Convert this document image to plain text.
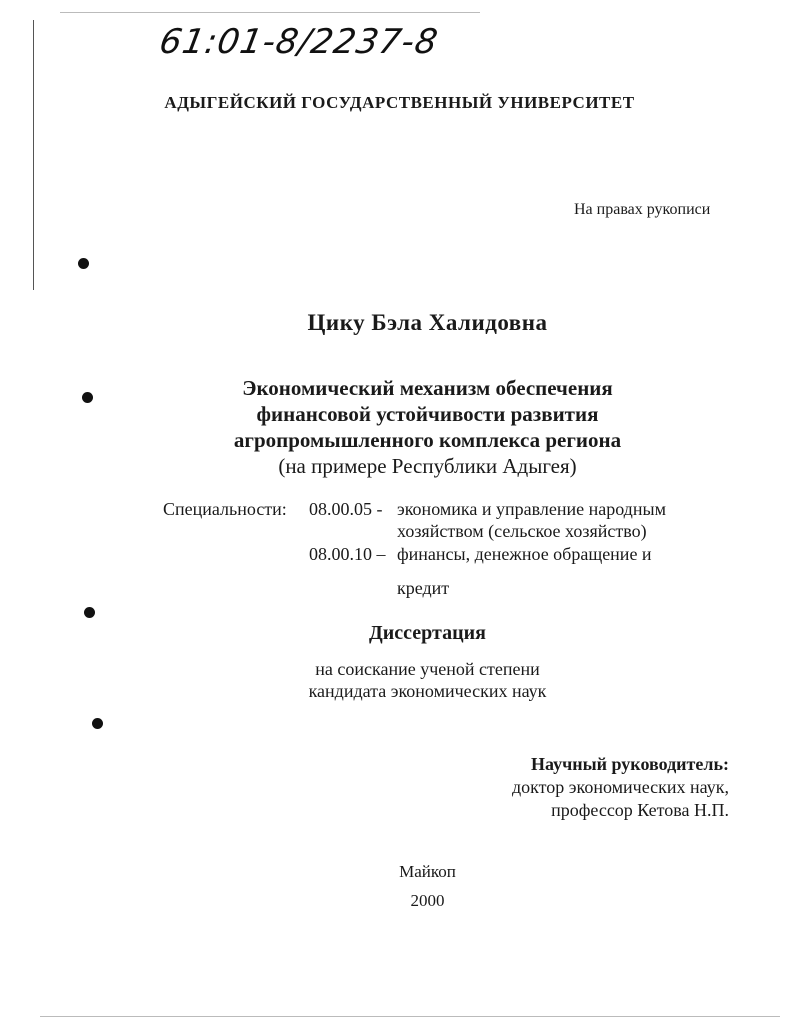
61:01-8/2237-8
АДЫГЕЙСКИЙ ГОСУДАРСТВЕННЫЙ УНИВЕРСИТЕТ
На правах рукописи
Цику Бэла Халидовна
Экономический механизм обеспечения
финансовой устойчивости развития
агропромышленного комплекса региона
(на примере Республики Адыгея)
Специальности: 08.00.05 - экономика и управление народным
хозяйством (сельское хозяйство)
08.00.10 – финансы, денежное обращение и
кредит
Диссертация
на соискание ученой степени
кандидата экономических наук
Научный руководитель:
доктор экономических наук,
профессор Кетова Н.П.
Майкоп
2000
